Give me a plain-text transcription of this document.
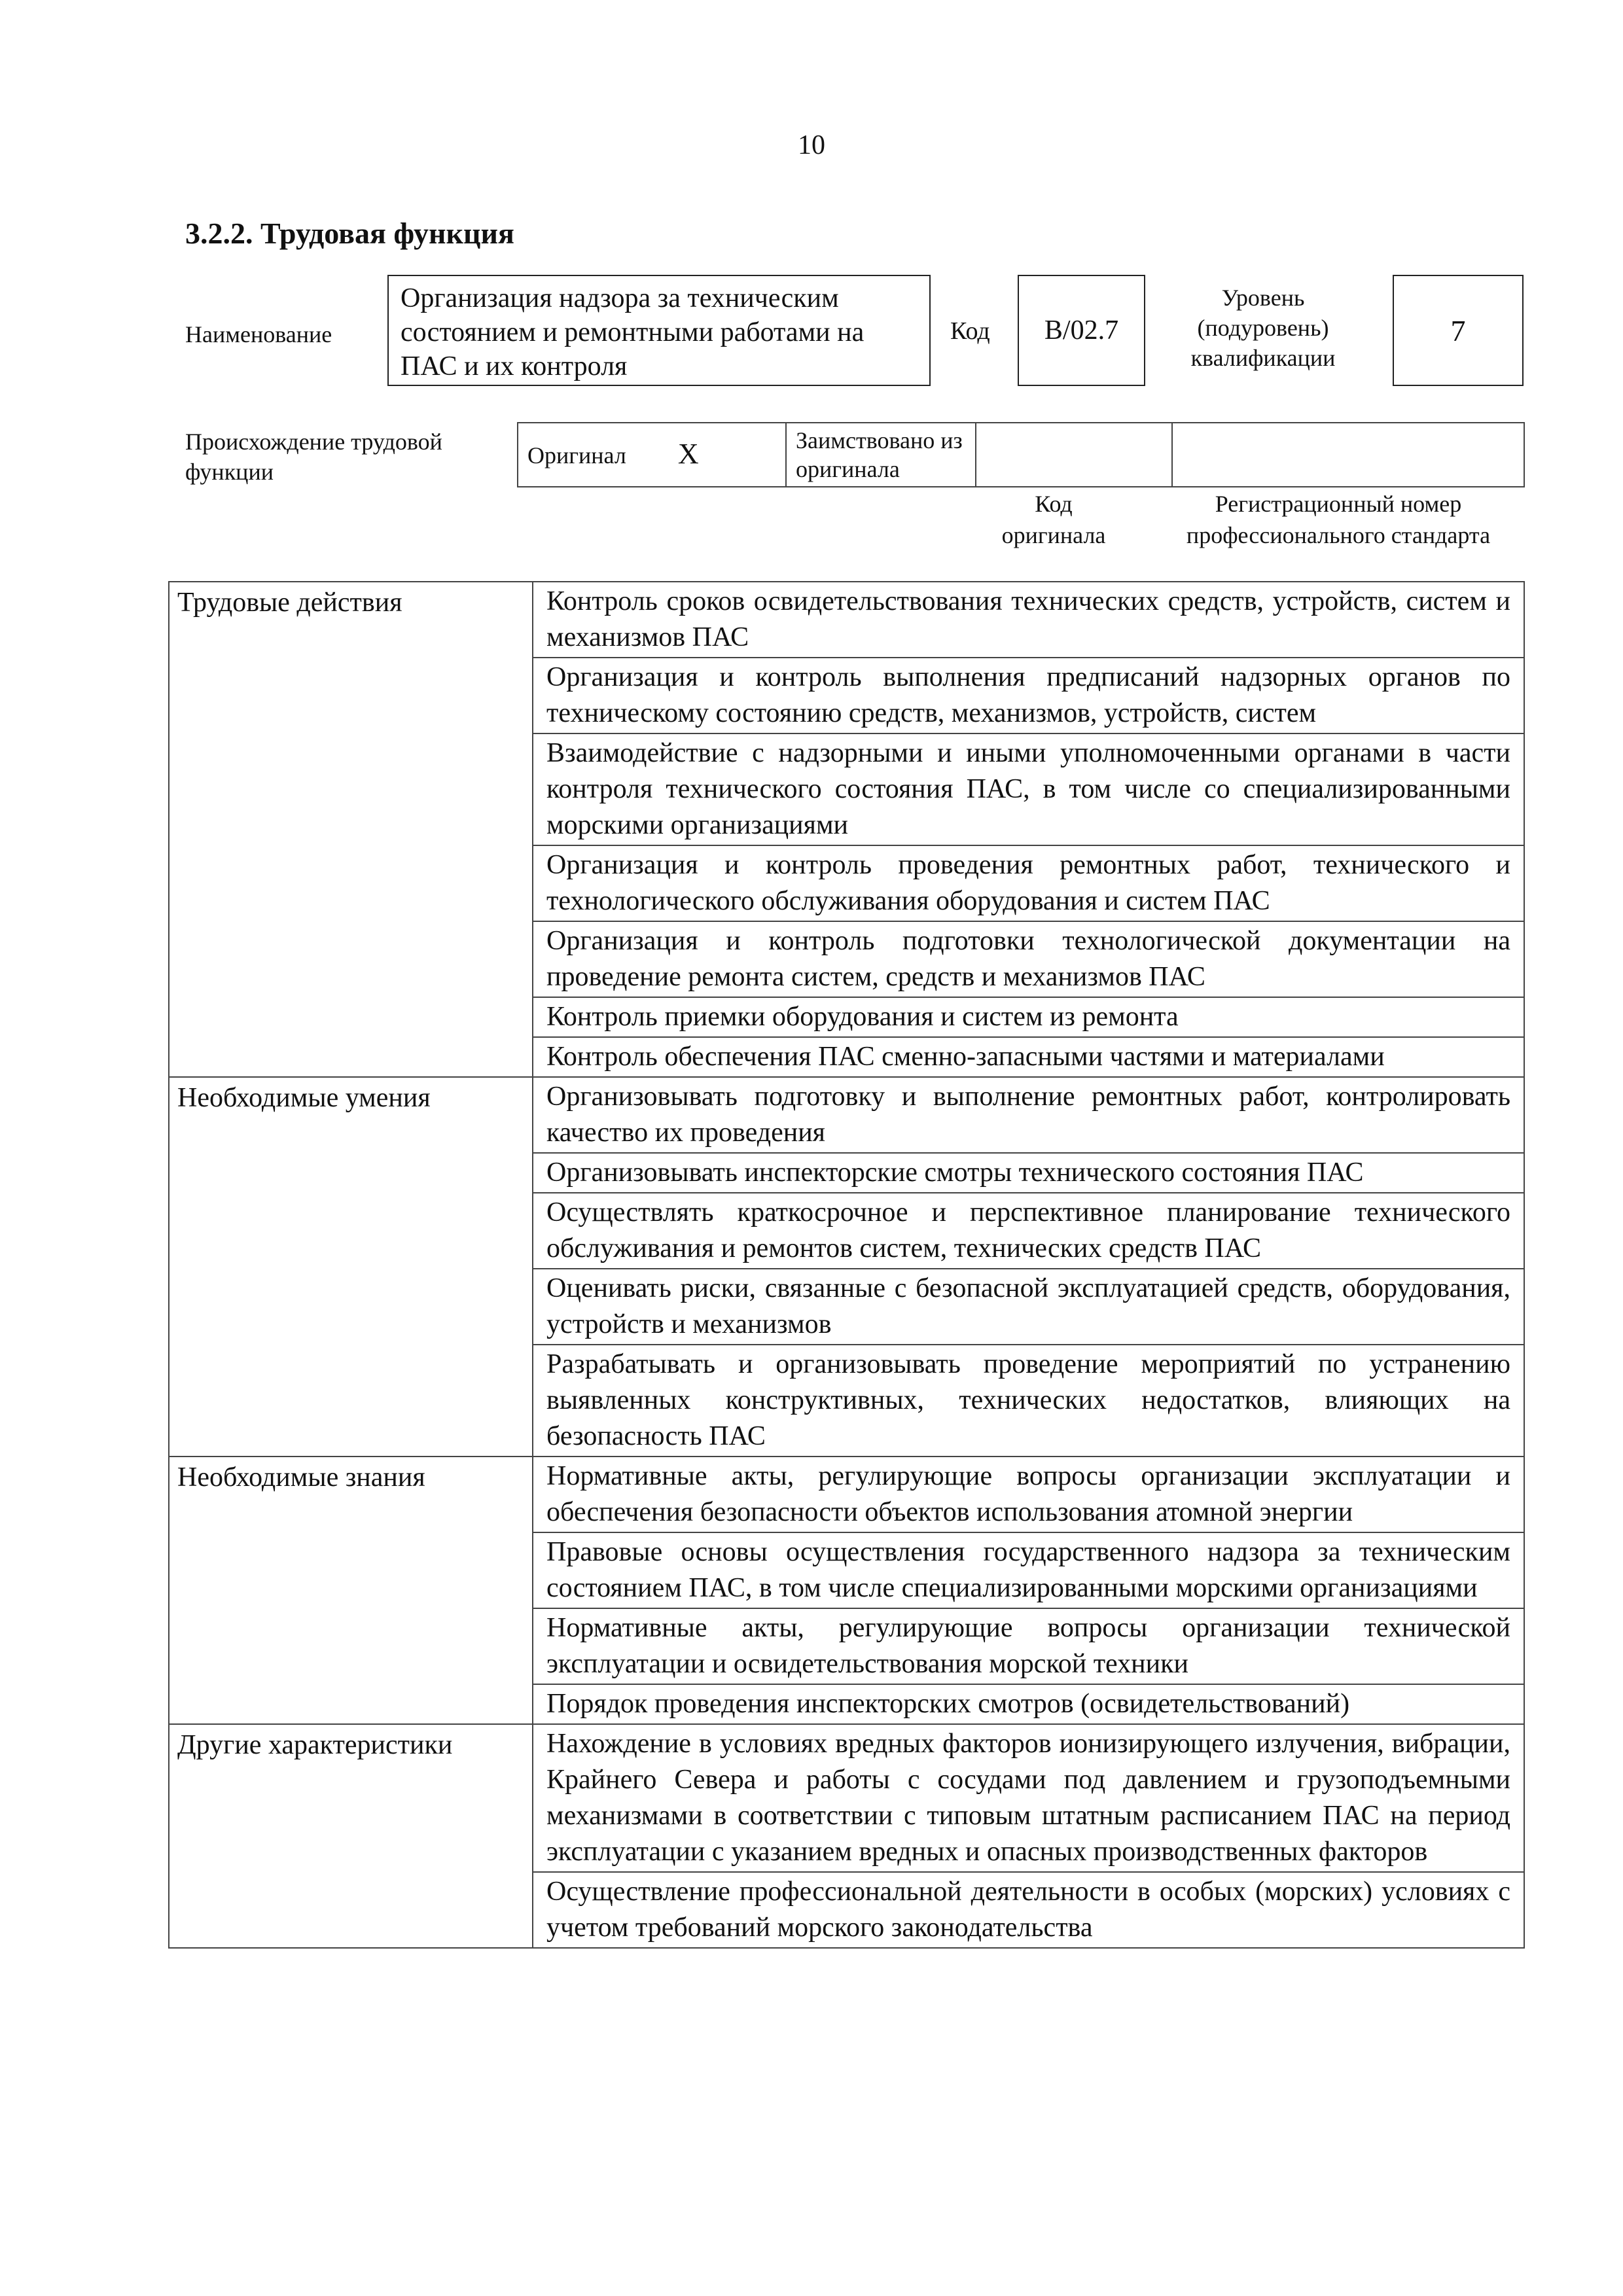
10
3.2.2. Трудовая функция
Наименование
Организация надзора за техническим состоянием и ремонтными работами на ПАС и их контроля
Код B/02.7
Уровень (подуровень) квалификации
7
Происхождение трудовой функции
Оригинал X	Заимствовано из оригинала		
Код оригинала
Регистрационный номер профессионального стандарта
Трудовые действия	Контроль сроков освидетельствования технических средств, устройств, систем и механизмов ПАС
	Организация и контроль выполнения предписаний надзорных органов по техническому состоянию средств, механизмов, устройств, систем
	Взаимодействие с надзорными и иными уполномоченными органами в части контроля технического состояния ПАС, в том числе со специализированными морскими организациями
	Организация и контроль проведения ремонтных работ, технического и технологического обслуживания оборудования и систем ПАС
	Организация и контроль подготовки технологической документации на проведение ремонта систем, средств и механизмов ПАС
	Контроль приемки оборудования и систем из ремонта
	Контроль обеспечения ПАС сменно-запасными частями и материалами
Необходимые умения	Организовывать подготовку и выполнение ремонтных работ, контролировать качество их проведения
	Организовывать инспекторские смотры технического состояния ПАС
	Осуществлять краткосрочное и перспективное планирование технического обслуживания и ремонтов систем, технических средств ПАС
	Оценивать риски, связанные с безопасной эксплуатацией средств, оборудования, устройств и механизмов
	Разрабатывать и организовывать проведение мероприятий по устранению выявленных конструктивных, технических недостатков, влияющих на безопасность ПАС
Необходимые знания	Нормативные акты, регулирующие вопросы организации эксплуатации и обеспечения безопасности объектов использования атомной энергии
	Правовые основы осуществления государственного надзора за техническим состоянием ПАС, в том числе специализированными морскими организациями
	Нормативные акты, регулирующие вопросы организации технической эксплуатации и освидетельствования морской техники
	Порядок проведения инспекторских смотров (освидетельствований)
Другие характеристики	Нахождение в условиях вредных факторов ионизирующего излучения, вибрации, Крайнего Севера и работы с сосудами под давлением и грузоподъемными механизмами в соответствии с типовым штатным расписанием ПАС на период эксплуатации с указанием вредных и опасных производственных факторов
	Осуществление профессиональной деятельности в особых (морских) условиях с учетом требований морского законодательства
